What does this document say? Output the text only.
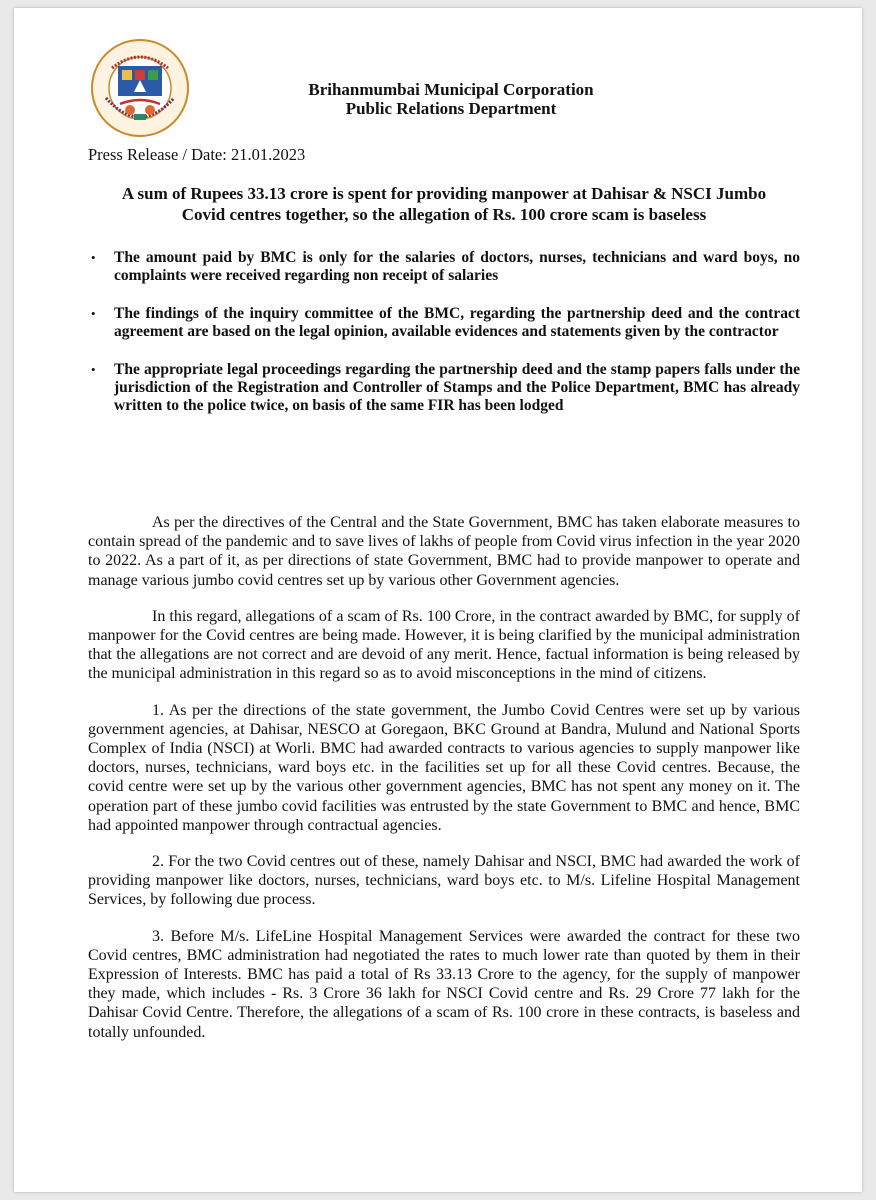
Brihanmumbai Municipal Corporation
Public Relations Department
Press Release / Date: 21.01.2023
A sum of Rupees 33.13 crore is spent for providing manpower at Dahisar & NSCI Jumbo Covid centres together, so the allegation of Rs. 100 crore scam is baseless
• The amount paid by BMC is only for the salaries of doctors, nurses, technicians and ward boys, no complaints were received regarding non receipt of salaries
• The findings of the inquiry committee of the BMC, regarding the partnership deed and the contract agreement are based on the legal opinion, available evidences and statements given by the contractor
• The appropriate legal proceedings regarding the partnership deed and the stamp papers falls under the jurisdiction of the Registration and Controller of Stamps and the Police Department, BMC has already written to the police twice, on basis of the same FIR has been lodged

As per the directives of the Central and the State Government, BMC has taken elaborate measures to contain spread of the pandemic and to save lives of lakhs of people from Covid virus infection in the year 2020 to 2022. As a part of it, as per directions of state Government, BMC had to provide manpower to operate and manage various jumbo covid centres set up by various other Government agencies.

In this regard, allegations of a scam of Rs. 100 Crore, in the contract awarded by BMC, for supply of manpower for the Covid centres are being made. However, it is being clarified by the municipal administration that the allegations are not correct and are devoid of any merit. Hence, factual information is being released by the municipal administration in this regard so as to avoid misconceptions in the mind of citizens.

1. As per the directions of the state government, the Jumbo Covid Centres were set up by various government agencies, at Dahisar, NESCO at Goregaon, BKC Ground at Bandra, Mulund and National Sports Complex of India (NSCI) at Worli. BMC had awarded contracts to various agencies to supply manpower like doctors, nurses, technicians, ward boys etc. in the facilities set up for all these Covid centres. Because, the covid centre were set up by the various other government agencies, BMC has not spent any money on it. The operation part of these jumbo covid facilities was entrusted by the state Government to BMC and hence, BMC had appointed manpower through contractual agencies.

2. For the two Covid centres out of these, namely Dahisar and NSCI, BMC had awarded the work of providing manpower like doctors, nurses, technicians, ward boys etc. to M/s. Lifeline Hospital Management Services, by following due process.

3. Before M/s. LifeLine Hospital Management Services were awarded the contract for these two Covid centres, BMC administration had negotiated the rates to much lower rate than quoted by them in their Expression of Interests. BMC has paid a total of Rs 33.13 Crore to the agency, for the supply of manpower they made, which includes - Rs. 3 Crore 36 lakh for NSCI Covid centre and Rs. 29 Crore 77 lakh for the Dahisar Covid Centre. Therefore, the allegations of a scam of Rs. 100 crore in these contracts, is baseless and totally unfounded.
